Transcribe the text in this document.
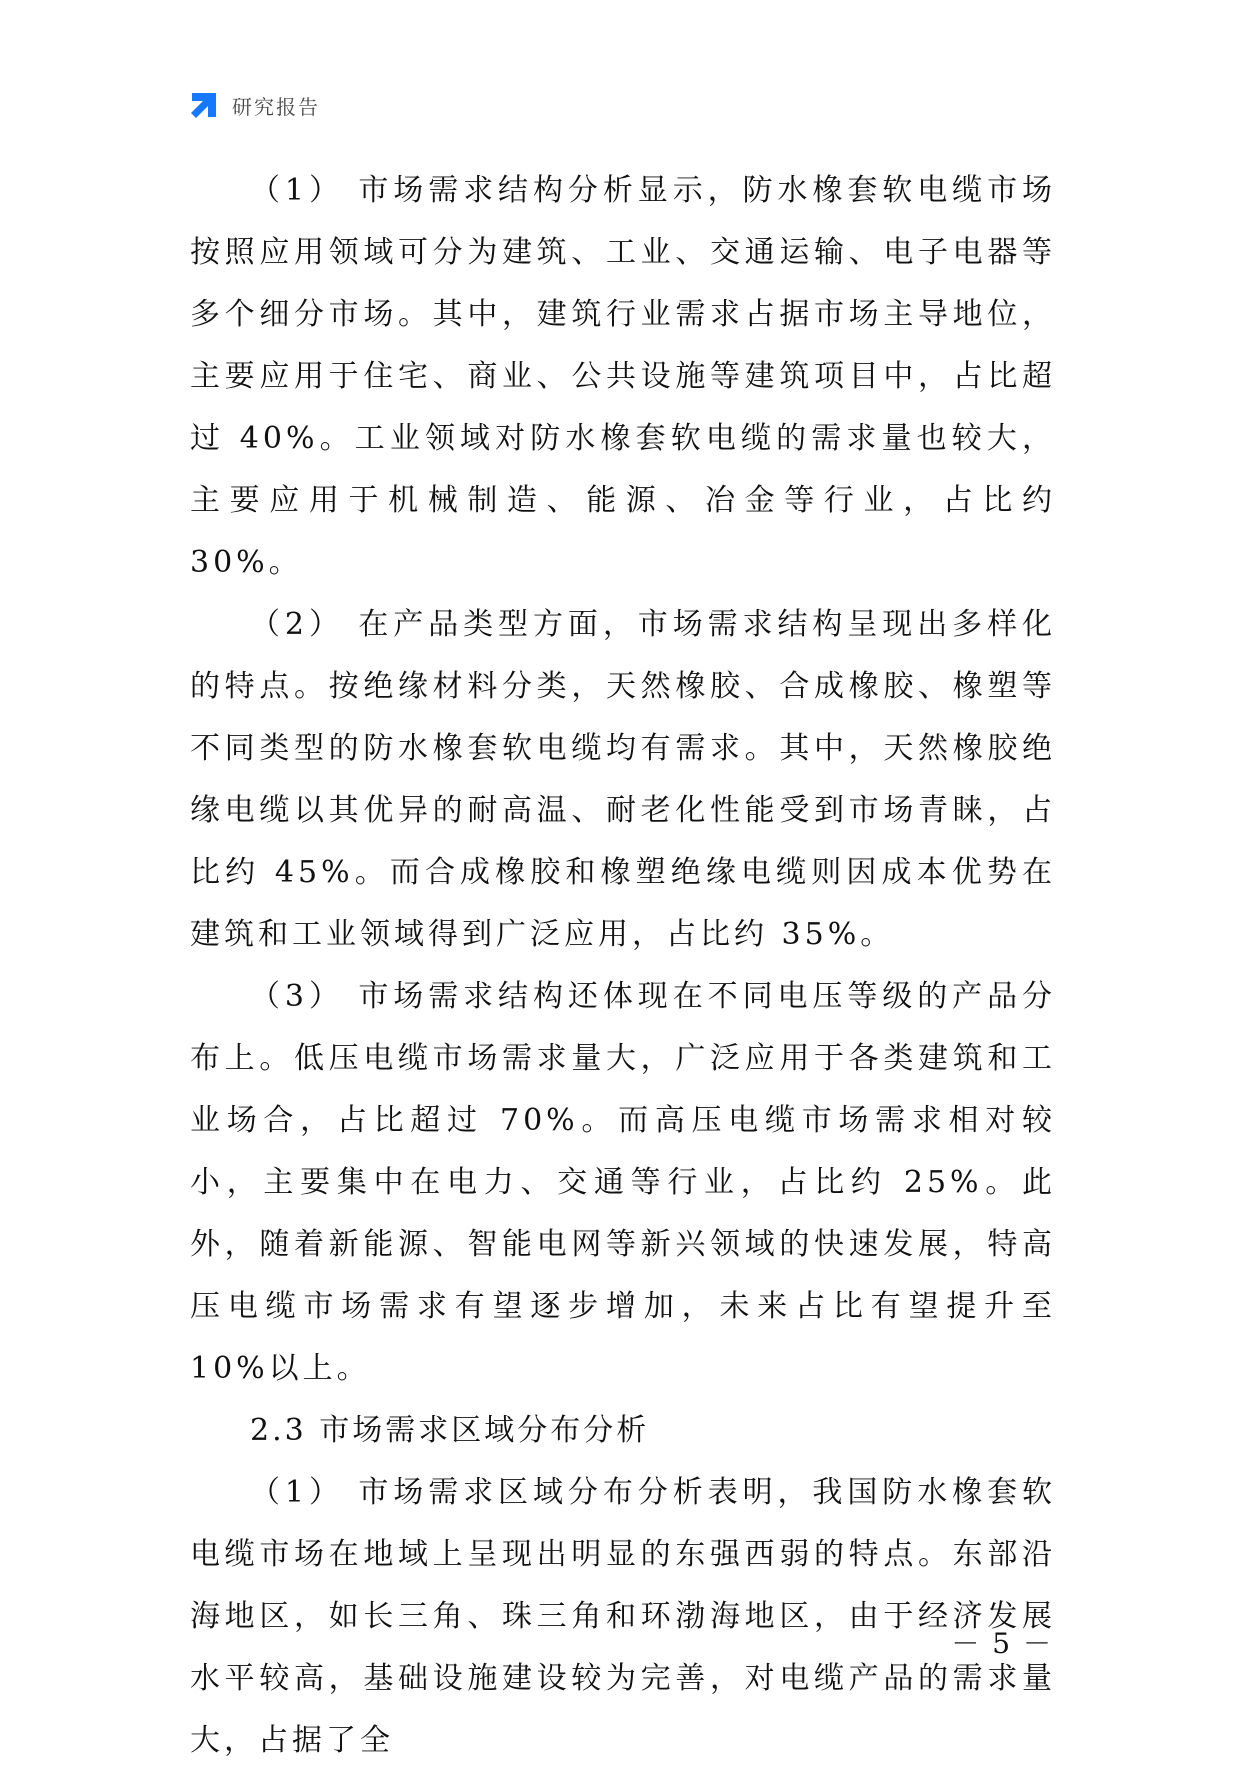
研究报告

（1） 市场需求结构分析显示，防水橡套软电缆市场按照应用领域可分为建筑、工业、交通运输、电子电器等多个细分市场。其中，建筑行业需求占据市场主导地位，主要应用于住宅、商业、公共设施等建筑项目中，占比超过 40%。工业领域对防水橡套软电缆的需求量也较大，主要应用于机械制造、能源、冶金等行业，占比约 30%。

（2） 在产品类型方面，市场需求结构呈现出多样化的特点。按绝缘材料分类，天然橡胶、合成橡胶、橡塑等不同类型的防水橡套软电缆均有需求。其中，天然橡胶绝缘电缆以其优异的耐高温、耐老化性能受到市场青睐，占比约 45%。而合成橡胶和橡塑绝缘电缆则因成本优势在建筑和工业领域得到广泛应用，占比约 35%。

（3） 市场需求结构还体现在不同电压等级的产品分布上。低压电缆市场需求量大，广泛应用于各类建筑和工业场合，占比超过 70%。而高压电缆市场需求相对较小，主要集中在电力、交通等行业，占比约 25%。此外，随着新能源、智能电网等新兴领域的快速发展，特高压电缆市场需求有望逐步增加，未来占比有望提升至 10%以上。

2.3 市场需求区域分布分析

（1） 市场需求区域分布分析表明，我国防水橡套软电缆市场在地域上呈现出明显的东强西弱的特点。东部沿海地区，如长三角、珠三角和环渤海地区，由于经济发展水平较高，基础设施建设较为完善，对电缆产品的需求量大，占据了全

－ 5 －
